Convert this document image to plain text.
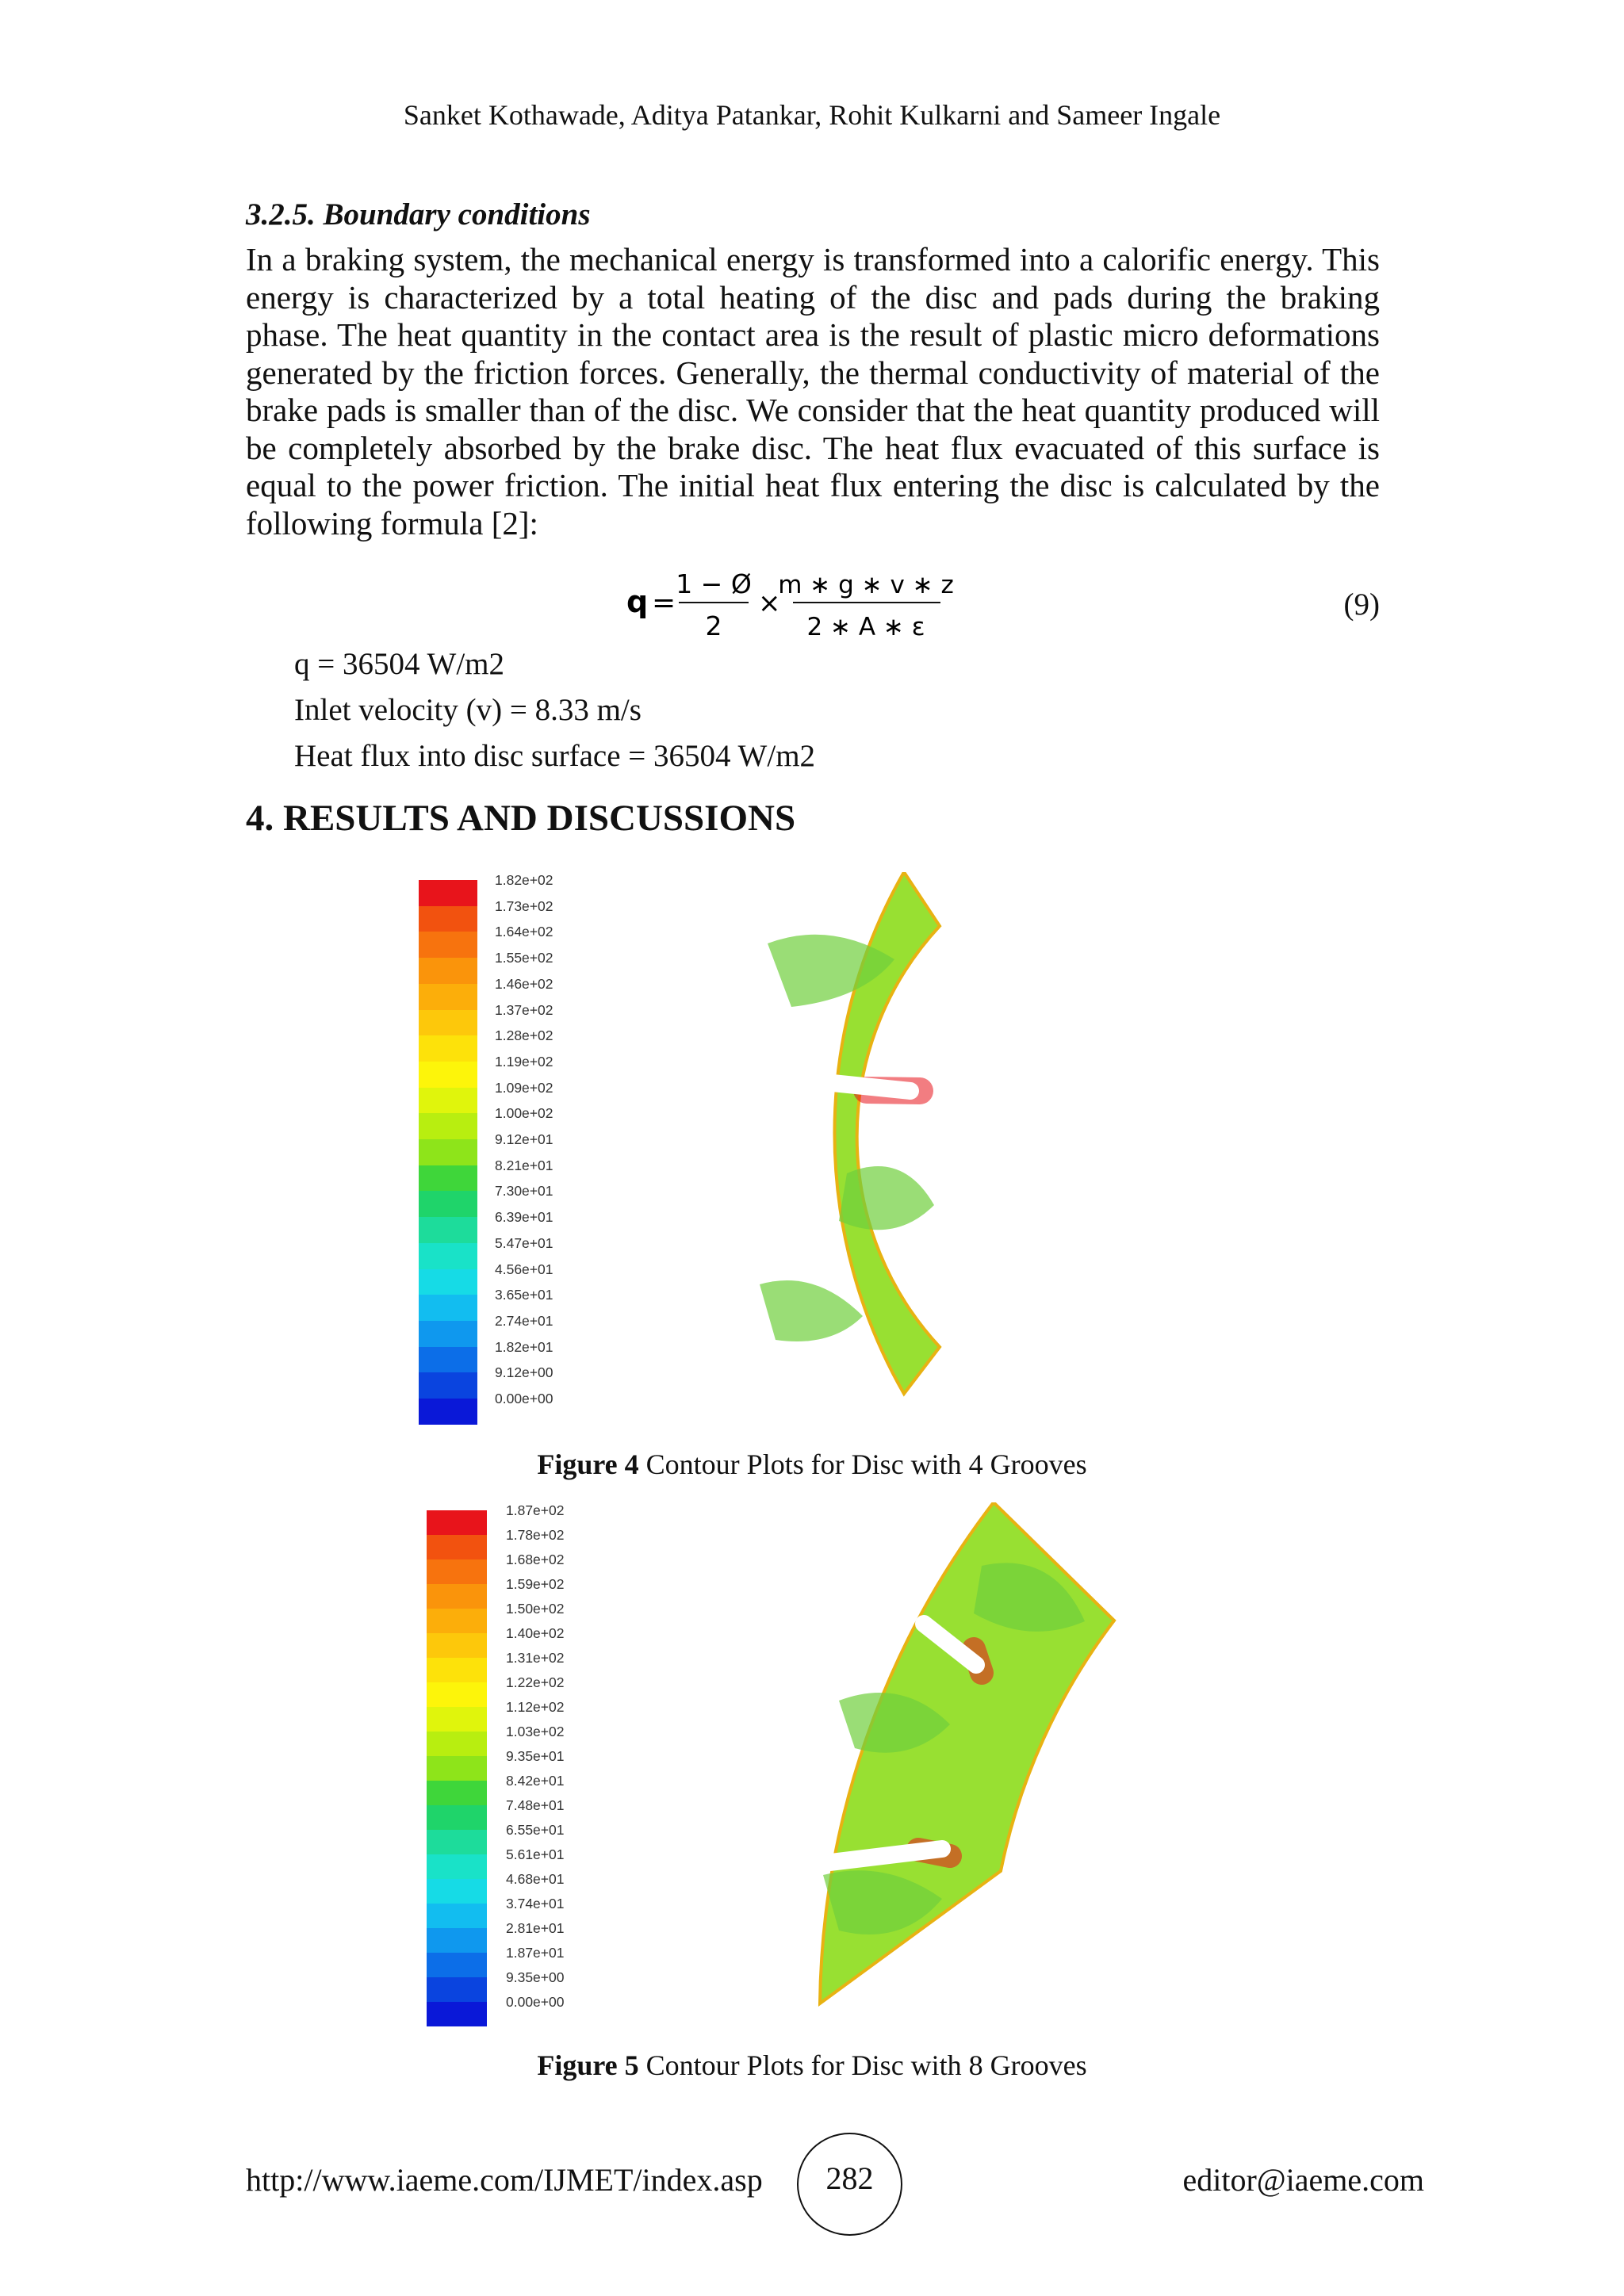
Sanket Kothawade, Aditya Patankar, Rohit Kulkarni and Sameer Ingale
3.2.5. Boundary conditions
In a braking system, the mechanical energy is transformed into a calorific energy. This energy is characterized by a total heating of the disc and pads during the braking phase. The heat quantity in the contact area is the result of plastic micro deformations generated by the friction forces. Generally, the thermal conductivity of material of the brake pads is smaller than of the disc. We consider that the heat quantity produced will be completely absorbed by the brake disc. The heat flux evacuated of this surface is equal to the power friction. The initial heat flux entering the disc is calculated by the following formula [2]:
q =
1 − Ø
2
×
m ∗ g ∗ v ∗ z
2 ∗ A ∗ ε
(9)
q = 36504 W/m2
Inlet velocity (v) = 8.33 m/s
Heat flux into disc surface = 36504 W/m2
4. RESULTS AND DISCUSSIONS
1.82e+02
1.73e+02
1.64e+02
1.55e+02
1.46e+02
1.37e+02
1.28e+02
1.19e+02
1.09e+02
1.00e+02
9.12e+01
8.21e+01
7.30e+01
6.39e+01
5.47e+01
4.56e+01
3.65e+01
2.74e+01
1.82e+01
9.12e+00
0.00e+00
Figure 4 Contour Plots for Disc with 4 Grooves
1.87e+02
1.78e+02
1.68e+02
1.59e+02
1.50e+02
1.40e+02
1.31e+02
1.22e+02
1.12e+02
1.03e+02
9.35e+01
8.42e+01
7.48e+01
6.55e+01
5.61e+01
4.68e+01
3.74e+01
2.81e+01
1.87e+01
9.35e+00
0.00e+00
Figure 5 Contour Plots for Disc with 8 Grooves
http://www.iaeme.com/IJMET/index.asp	282	editor@iaeme.com
